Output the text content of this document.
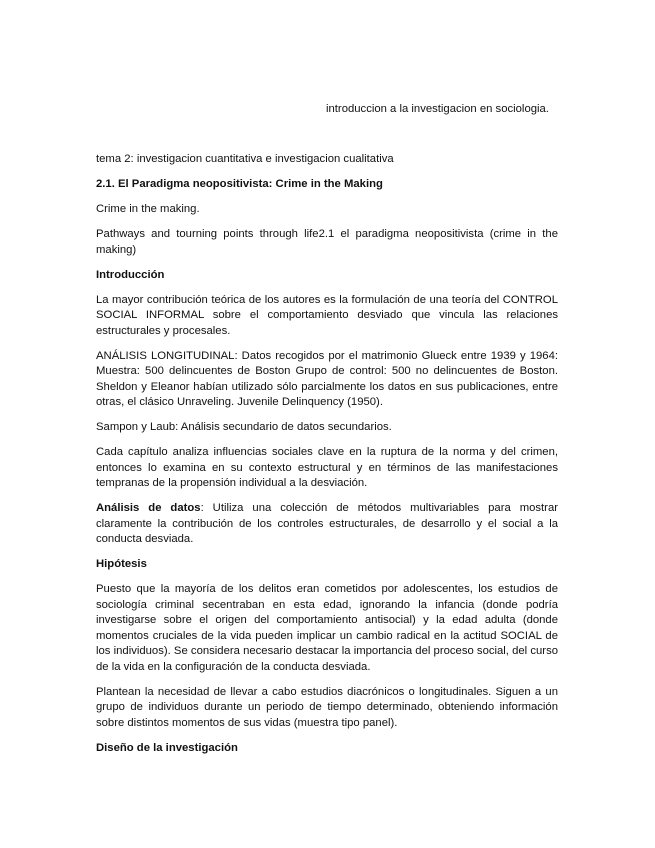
introduccion a la investigacion en sociologia.

tema 2: investigacion cuantitativa e investigacion cualitativa

2.1. El Paradigma neopositivista: Crime in the Making

Crime in the making.

Pathways and tourning points through life2.1 el paradigma neopositivista (crime in the making)

Introducción

La mayor contribución teórica de los autores es la formulación de una teoría del CONTROL SOCIAL INFORMAL sobre el comportamiento desviado que vincula las relaciones estructurales y procesales.

ANÁLISIS LONGITUDINAL: Datos recogidos por el matrimonio Glueck entre 1939 y 1964: Muestra: 500 delincuentes de Boston Grupo de control: 500 no delincuentes de Boston. Sheldon y Eleanor habían utilizado sólo parcialmente los datos en sus publicaciones, entre otras, el clásico Unraveling. Juvenile Delinquency (1950).

Sampon y Laub: Análisis secundario de datos secundarios.

Cada capítulo analiza influencias sociales clave en la ruptura de la norma y del crimen, entonces lo examina en su contexto estructural y en términos de las manifestaciones tempranas de la propensión individual a la desviación.

Análisis de datos: Utiliza una colección de métodos multivariables para mostrar claramente la contribución de los controles estructurales, de desarrollo y el social a la conducta desviada.

Hipótesis

Puesto que la mayoría de los delitos eran cometidos por adolescentes, los estudios de sociología criminal secentraban en esta edad, ignorando la infancia (donde podría investigarse sobre el origen del comportamiento antisocial) y la edad adulta (donde momentos cruciales de la vida pueden implicar un cambio radical en la actitud SOCIAL de los individuos). Se considera necesario destacar la importancia del proceso social, del curso de la vida en la configuración de la conducta desviada.

Plantean la necesidad de llevar a cabo estudios diacrónicos o longitudinales. Siguen a un grupo de individuos durante un periodo de tiempo determinado, obteniendo información sobre distintos momentos de sus vidas (muestra tipo panel).

Diseño de la investigación
